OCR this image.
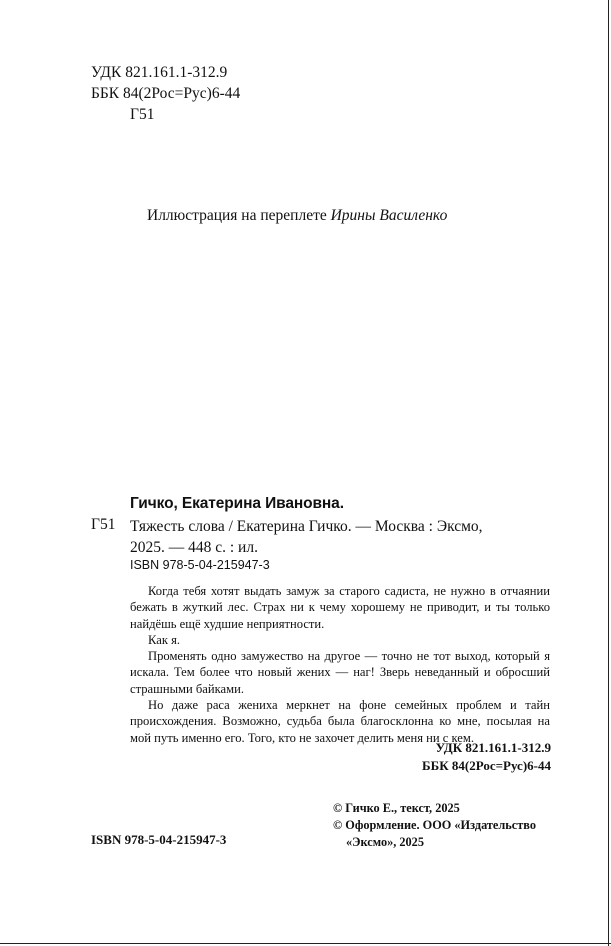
УДК 821.161.1-312.9
ББК 84(2Рос=Рус)6-44
Г51
Иллюстрация на переплете Ирины Василенко
Гичко, Екатерина Ивановна.
Г51 Тяжесть слова / Екатерина Гичко. — Москва : Эксмо,
2025. — 448 с. : ил.
ISBN 978-5-04-215947-3

Когда тебя хотят выдать замуж за старого садиста, не нужно в отчаянии бежать в жуткий лес. Страх ни к чему хорошему не приводит, и ты только найдёшь ещё худшие неприятности.

Как я.

Променять одно замужество на другое — точно не тот выход, который я искала. Тем более что новый жених — наг! Зверь неведанный и обросший страшными байками.

Но даже раса жениха меркнет на фоне семейных проблем и тайн происхождения. Возможно, судьба была благосклонна ко мне, посылая на мой путь именно его. Того, кто не захочет делить меня ни с кем.

УДК 821.161.1-312.9
ББК 84(2Рос=Рус)6-44
© Гичко Е., текст, 2025
© Оформление. ООО «Издательство
«Эксмо», 2025
ISBN 978-5-04-215947-3
